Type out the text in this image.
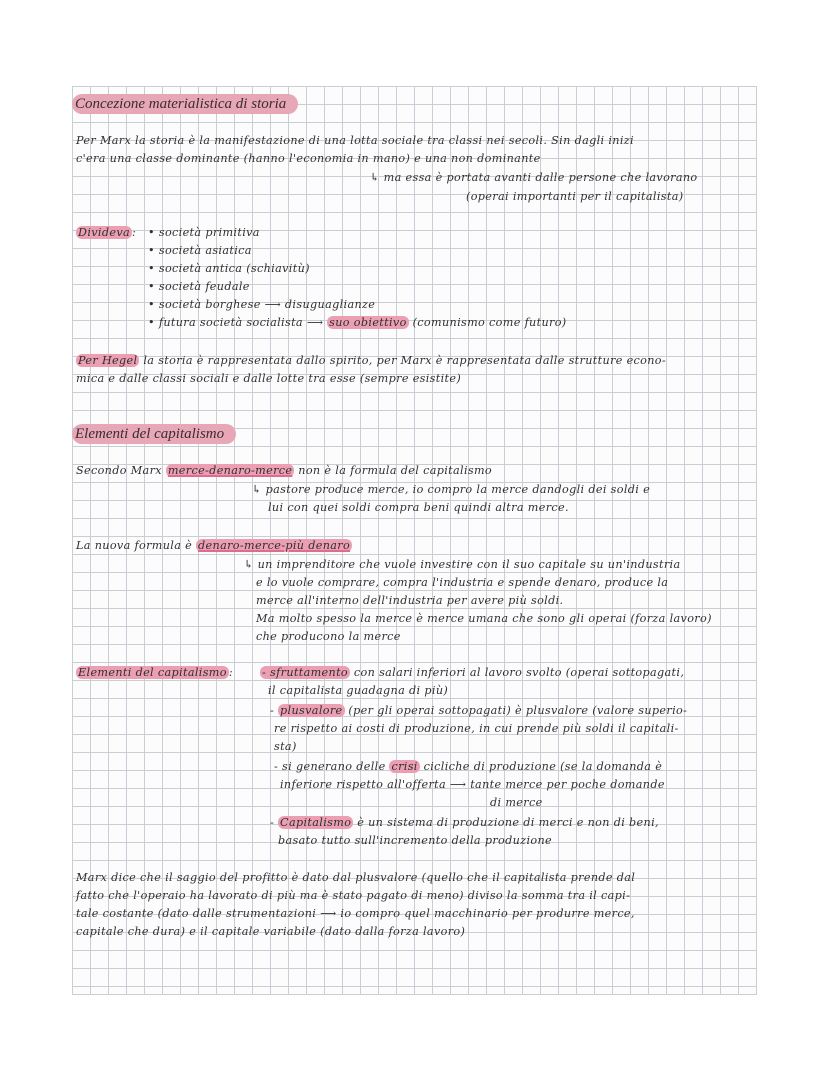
Concezione materialistica di storia
Per Marx la storia è la manifestazione di una lotta sociale tra classi nei secoli. Sin dagli inizi
c'era una classe dominante (hanno l'economia in mano) e una non dominante
↳ ma essa è portata avanti dalle persone che lavorano
(operai importanti per il capitalista)
Divideva : • società primitiva
• società asiatica
• società antica (schiavitù)
• società feudale
• società borghese ⟶ disuguaglianze
• futura società socialista ⟶ suo obiettivo (comunismo come futuro)
Per Hegel la storia è rappresentata dallo spirito, per Marx è rappresentata dalle strutture econo-
mica e dalle classi sociali e dalle lotte tra esse (sempre esistite)
Elementi del capitalismo
Secondo Marx merce-denaro-merce non è la formula del capitalismo
↳ pastore produce merce, io compro la merce dandogli dei soldi e
lui con quei soldi compra beni quindi altra merce.
La nuova formula è denaro-merce-più denaro
↳ un imprenditore che vuole investire con il suo capitale su un'industria
e lo vuole comprare, compra l'industria e spende denaro, produce la
merce all'interno dell'industria per avere più soldi.
Ma molto spesso la merce è merce umana che sono gli operai (forza lavoro)
che producono la merce
Elementi del capitalismo :	- sfruttamento con salari inferiori al lavoro svolto (operai sottopagati,
il capitalista guadagna di più)
- plusvalore (per gli operai sottopagati) è plusvalore (valore superio-
re rispetto ai costi di produzione, in cui prende più soldi il capitali-
sta)
- si generano delle crisi cicliche di produzione (se la domanda è
inferiore rispetto all'offerta ⟶ tante merce per poche domande
di merce
- Capitalismo è un sistema di produzione di merci e non di beni,
basato tutto sull'incremento della produzione
Marx dice che il saggio del profitto è dato dal plusvalore (quello che il capitalista prende dal
fatto che l'operaio ha lavorato di più ma è stato pagato di meno) diviso la somma tra il capi-
tale costante (dato dalle strumentazioni ⟶ io compro quel macchinario per produrre merce,
capitale che dura) e il capitale variabile (dato dalla forza lavoro)
